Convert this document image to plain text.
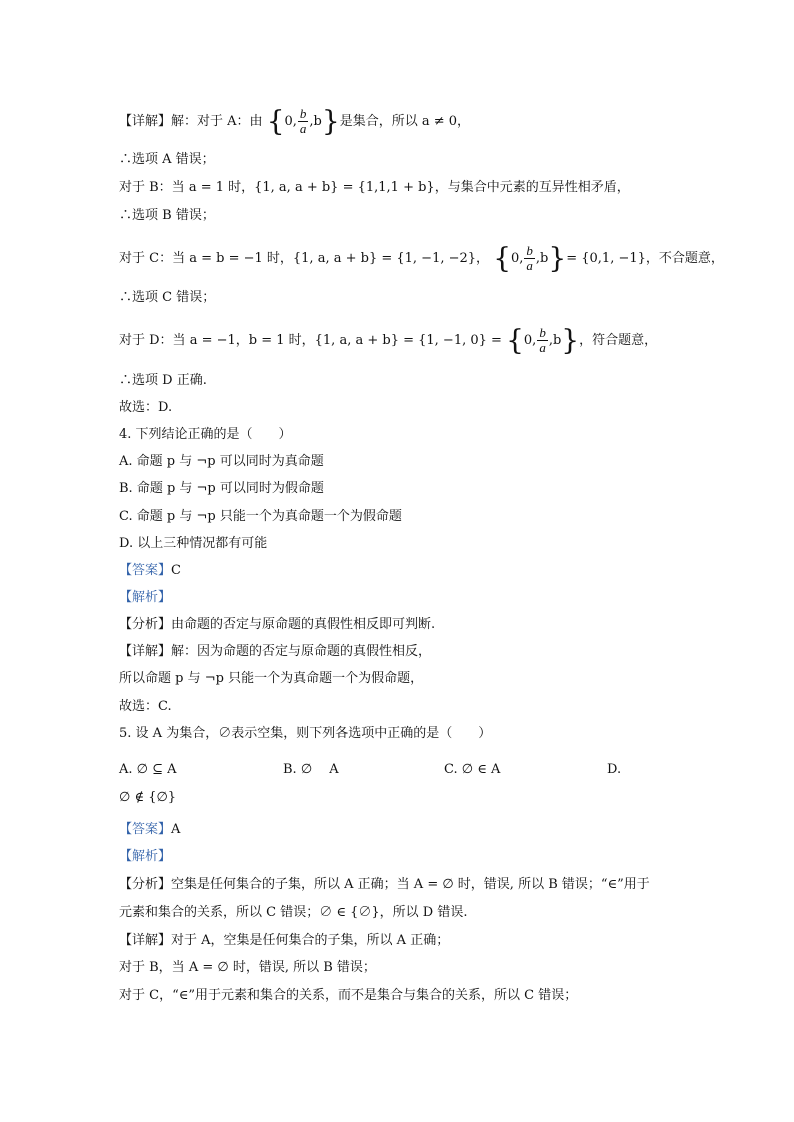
【详解】解：对于 A：由 {0, $\frac{b}{a} ,b$}是集合，所以 a ≠ 0，
∴选项 A 错误；
对于 B：当 a = 1 时，{1, a, a + b} = {1,1,1 + b}，与集合中元素的互异性相矛盾，
∴选项 B 错误；
对于 C：当 a = b = −1 时，{1, a, a + b} = {1, −1, −2}， {0, $\frac{b}{a} ,b\}= \{0,1$, −1}，不合题意，
∴选项 C 错误；
对于 D：当 a = −1，b = 1 时，{1, a, a + b} = {1, −1, 0} = {0, $\frac{b}{a} ,b$}，符合题意，
∴选项 D 正确.
故选：D.
4. 下列结论正确的是（　　）
A. 命题 p 与 ¬p 可以同时为真命题
B. 命题 p 与 ¬p 可以同时为假命题
C. 命题 p 与 ¬p 只能一个为真命题一个为假命题
D. 以上三种情况都有可能
【答案】C
【解析】
【分析】由命题的否定与原命题的真假性相反即可判断.
【详解】解：因为命题的否定与原命题的真假性相反，
所以命题 p 与 ¬p 只能一个为真命题一个为假命题，
故选：C.
5. 设 A 为集合，∅表示空集，则下列各选项中正确的是（　　）
A. ∅ ⊆ A	B. ∅　 A	C. ∅ ∈ A	D.
∅ ∉ {∅}
【答案】A
【解析】
【分析】空集是任何集合的子集，所以 A 正确；当 A = ∅ 时，错误, 所以 B 错误；“∈”用于
元素和集合的关系，所以 C 错误；∅ ∈ {∅}，所以 D 错误.
【详解】对于 A，空集是任何集合的子集，所以 A 正确；
对于 B，当 A = ∅ 时，错误, 所以 B 错误；
对于 C，“∈”用于元素和集合的关系，而不是集合与集合的关系，所以 C 错误；
